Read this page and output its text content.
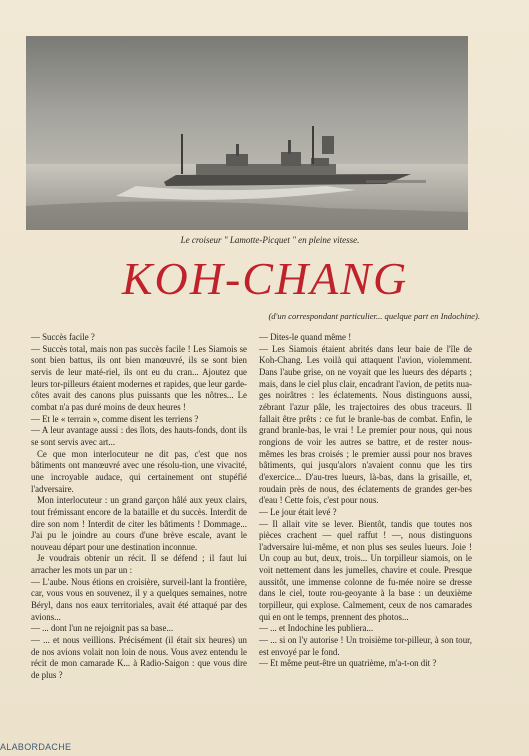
Le croiseur " Lamotte-Picquet " en pleine vitesse.
KOH-CHANG
(d'un correspondant particulier... quelque part en Indochine).

— Succès facile ?

— Succès total, mais non pas succès facile ! Les Siamois se sont bien battus, ils ont bien manœuvré, ils se sont bien servis de leur maté-riel, ils ont eu du cran... Ajoutez que leurs tor-pilleurs étaient modernes et rapides, que leur garde-côtes avait des canons plus puissants que les nôtres... Le combat n'a pas duré moins de deux heures !

— Et le « terrain », comme disent les terriens ?

— A leur avantage aussi : des îlots, des hauts-fonds, dont ils se sont servis avec art...

Ce que mon interlocuteur ne dit pas, c'est que nos bâtiments ont manœuvré avec une résolu-tion, une vivacité, une incroyable audace, qui certainement ont stupéfié l'adversaire.

Mon interlocuteur : un grand garçon hâlé aux yeux clairs, tout frémissant encore de la bataille et du succès. Interdit de dire son nom ! Interdit de citer les bâtiments ! Dommage... J'ai pu le joindre au cours d'une brève escale, avant le nouveau départ pour une destination inconnue.

Je voudrais obtenir un récit. Il se défend ; il faut lui arracher les mots un par un :

— L'aube. Nous étions en croisière, surveil-lant la frontière, car, vous vous en souvenez, il y a quelques semaines, notre Béryl, dans nos eaux territoriales, avait été attaqué par des avions...

— ... dont l'un ne rejoignit pas sa base...

— ... et nous veillions. Précisément (il était six heures) un de nos avions volait non loin de nous. Vous avez entendu le récit de mon camarade K... à Radio-Saigon : que vous dire de plus ?

— Dites-le quand même !

— Les Siamois étaient abrités dans leur baie de l'île de Koh-Chang. Les voilà qui attaquent l'avion, violemment. Dans l'aube grise, on ne voyait que les lueurs des départs ; mais, dans le ciel plus clair, encadrant l'avion, de petits nua-ges noirâtres : les éclatements. Nous distinguons aussi, zébrant l'azur pâle, les trajectoires des obus traceurs. Il fallait être prêts : ce fut le branle-bas de combat. Enfin, le grand branle-bas, le vrai ! Le premier pour nous, qui nous rongions de voir les autres se battre, et de rester nous-mêmes les bras croisés ; le premier aussi pour nos braves bâtiments, qui jusqu'alors n'avaient connu que les tirs d'exercice... D'au-tres lueurs, là-bas, dans la grisaille, et, roudain près de nous, des éclatements de grandes ger-bes d'eau ! Cette fois, c'est pour nous.

— Le jour était levé ?

— Il allait vite se lever. Bientôt, tandis que toutes nos pièces crachent — quel raffut ! —, nous distinguons l'adversaire lui-même, et non plus ses seules lueurs. Joie ! Un coup au but, deux, trois... Un torpilleur siamois, on le voit nettement dans les jumelles, chavire et coule. Presque aussitôt, une immense colonne de fu-mée noire se dresse dans le ciel, toute rou-geoyante à la base : un deuxième torpilleur, qui explose. Calmement, ceux de nos camarades qui en ont le temps, prennent des photos...

— ... et Indochine les publiera...

— ... si on l'y autorise ! Un troisième tor-pilleur, à son tour, est envoyé par le fond.

— Et même peut-être un quatrième, m'a-t-on dit ?

ALABORDACHE
